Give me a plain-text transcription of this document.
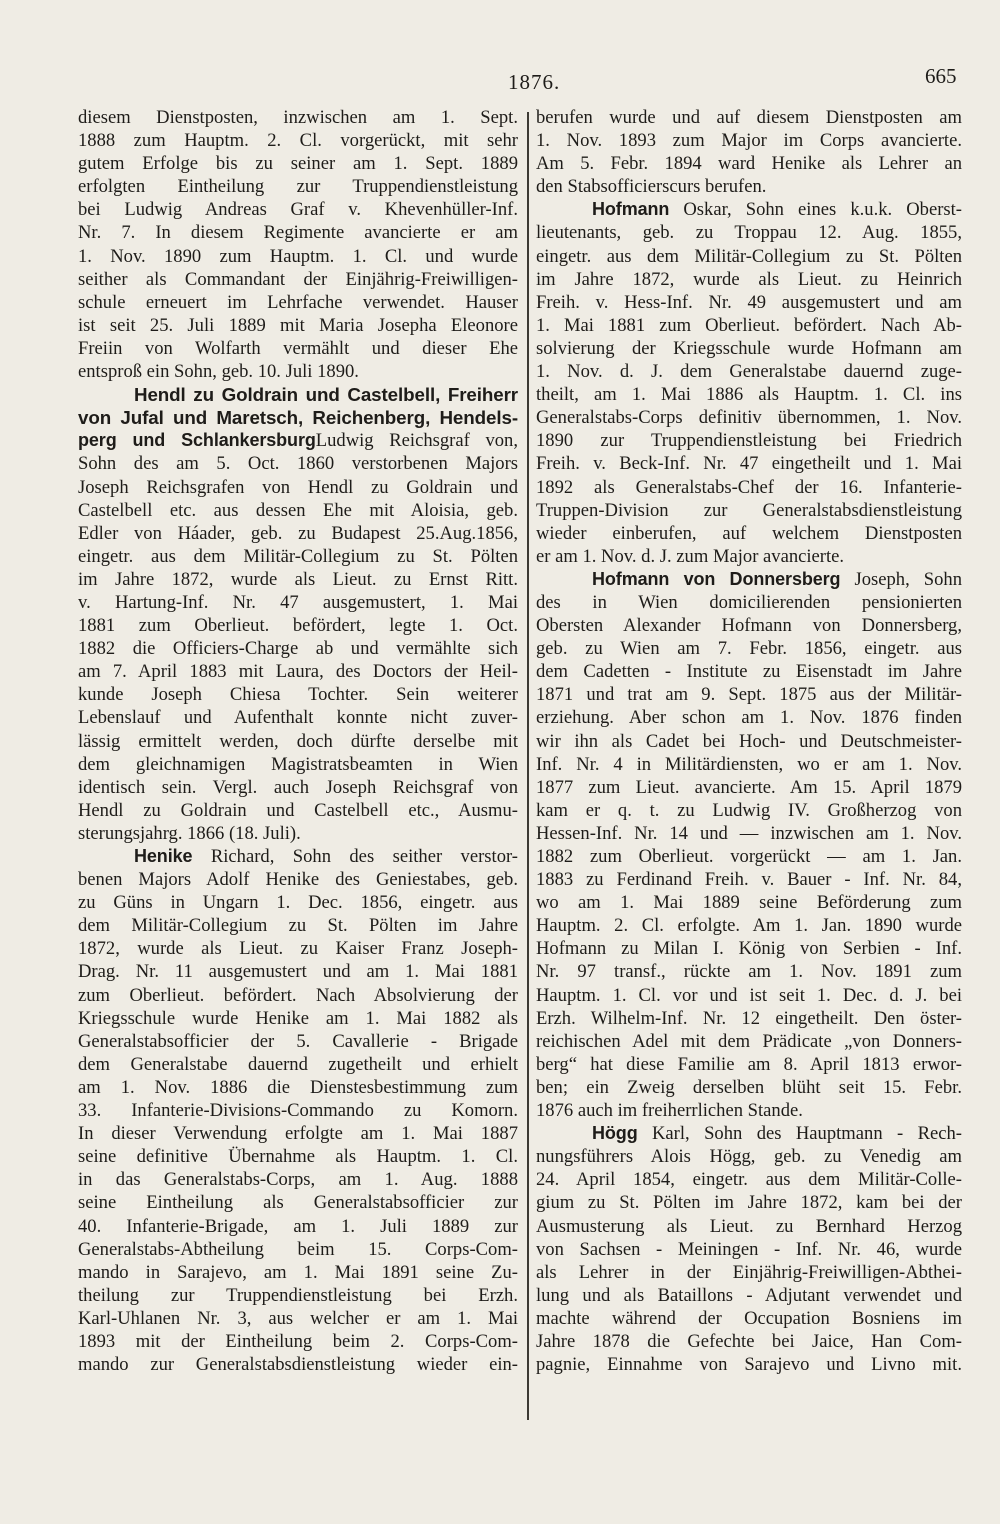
1876.	665
diesem Dienstposten, inzwischen am 1. Sept.
1888 zum Hauptm. 2. Cl. vorgerückt, mit sehr
gutem Erfolge bis zu seiner am 1. Sept. 1889
erfolgten Eintheilung zur Truppendienstleistung
bei Ludwig Andreas Graf v. Khevenhüller-Inf.
Nr. 7. In diesem Regimente avancierte er am
1. Nov. 1890 zum Hauptm. 1. Cl. und wurde
seither als Commandant der Einjährig-Freiwilligen-
schule erneuert im Lehrfache verwendet. Hauser
ist seit 25. Juli 1889 mit Maria Josepha Eleonore
Freiin von Wolfarth vermählt und dieser Ehe
entsproß ein Sohn, geb. 10. Juli 1890.
Hendl zu Goldrain und Castelbell, Freiherr
von Jufal und Maretsch, Reichenberg, Hendels-
perg und SchlankersburgLudwig Reichsgraf von,
Sohn des am 5. Oct. 1860 verstorbenen Majors
Joseph Reichsgrafen von Hendl zu Goldrain und
Castelbell etc. aus dessen Ehe mit Aloisia, geb.
Edler von Háader, geb. zu Budapest 25.Aug.1856,
eingetr. aus dem Militär-Collegium zu St. Pölten
im Jahre 1872, wurde als Lieut. zu Ernst Ritt.
v. Hartung-Inf. Nr. 47 ausgemustert, 1. Mai
1881 zum Oberlieut. befördert, legte 1. Oct.
1882 die Officiers-Charge ab und vermählte sich
am 7. April 1883 mit Laura, des Doctors der Heil-
kunde Joseph Chiesa Tochter. Sein weiterer
Lebenslauf und Aufenthalt konnte nicht zuver-
lässig ermittelt werden, doch dürfte derselbe mit
dem gleichnamigen Magistratsbeamten in Wien
identisch sein. Vergl. auch Joseph Reichsgraf von
Hendl zu Goldrain und Castelbell etc., Ausmu-
sterungsjahrg. 1866 (18. Juli).
Henike Richard, Sohn des seither verstor-
benen Majors Adolf Henike des Geniestabes, geb.
zu Güns in Ungarn 1. Dec. 1856, eingetr. aus
dem Militär-Collegium zu St. Pölten im Jahre
1872, wurde als Lieut. zu Kaiser Franz Joseph-
Drag. Nr. 11 ausgemustert und am 1. Mai 1881
zum Oberlieut. befördert. Nach Absolvierung der
Kriegsschule wurde Henike am 1. Mai 1882 als
Generalstabsofficier der 5. Cavallerie - Brigade
dem Generalstabe dauernd zugetheilt und erhielt
am 1. Nov. 1886 die Dienstesbestimmung zum
33. Infanterie-Divisions-Commando zu Komorn.
In dieser Verwendung erfolgte am 1. Mai 1887
seine definitive Übernahme als Hauptm. 1. Cl.
in das Generalstabs-Corps, am 1. Aug. 1888
seine Eintheilung als Generalstabsofficier zur
40. Infanterie-Brigade, am 1. Juli 1889 zur
Generalstabs-Abtheilung beim 15. Corps-Com-
mando in Sarajevo, am 1. Mai 1891 seine Zu-
theilung zur Truppendienstleistung bei Erzh.
Karl-Uhlanen Nr. 3, aus welcher er am 1. Mai
1893 mit der Eintheilung beim 2. Corps-Com-
mando zur Generalstabsdienstleistung wieder ein-
berufen wurde und auf diesem Dienstposten am
1. Nov. 1893 zum Major im Corps avancierte.
Am 5. Febr. 1894 ward Henike als Lehrer an
den Stabsofficierscurs berufen.
Hofmann Oskar, Sohn eines k.u.k. Oberst-
lieutenants, geb. zu Troppau 12. Aug. 1855,
eingetr. aus dem Militär-Collegium zu St. Pölten
im Jahre 1872, wurde als Lieut. zu Heinrich
Freih. v. Hess-Inf. Nr. 49 ausgemustert und am
1. Mai 1881 zum Oberlieut. befördert. Nach Ab-
solvierung der Kriegsschule wurde Hofmann am
1. Nov. d. J. dem Generalstabe dauernd zuge-
theilt, am 1. Mai 1886 als Hauptm. 1. Cl. ins
Generalstabs-Corps definitiv übernommen, 1. Nov.
1890 zur Truppendienstleistung bei Friedrich
Freih. v. Beck-Inf. Nr. 47 eingetheilt und 1. Mai
1892 als Generalstabs-Chef der 16. Infanterie-
Truppen-Division zur Generalstabsdienstleistung
wieder einberufen, auf welchem Dienstposten
er am 1. Nov. d. J. zum Major avancierte.
Hofmann von Donnersberg Joseph, Sohn
des in Wien domicilierenden pensionierten
Obersten Alexander Hofmann von Donnersberg,
geb. zu Wien am 7. Febr. 1856, eingetr. aus
dem Cadetten - Institute zu Eisenstadt im Jahre
1871 und trat am 9. Sept. 1875 aus der Militär-
erziehung. Aber schon am 1. Nov. 1876 finden
wir ihn als Cadet bei Hoch- und Deutschmeister-
Inf. Nr. 4 in Militärdiensten, wo er am 1. Nov.
1877 zum Lieut. avancierte. Am 15. April 1879
kam er q. t. zu Ludwig IV. Großherzog von
Hessen-Inf. Nr. 14 und — inzwischen am 1. Nov.
1882 zum Oberlieut. vorgerückt — am 1. Jan.
1883 zu Ferdinand Freih. v. Bauer - Inf. Nr. 84,
wo am 1. Mai 1889 seine Beförderung zum
Hauptm. 2. Cl. erfolgte. Am 1. Jan. 1890 wurde
Hofmann zu Milan I. König von Serbien - Inf.
Nr. 97 transf., rückte am 1. Nov. 1891 zum
Hauptm. 1. Cl. vor und ist seit 1. Dec. d. J. bei
Erzh. Wilhelm-Inf. Nr. 12 eingetheilt. Den öster-
reichischen Adel mit dem Prädicate „von Donners-
berg“ hat diese Familie am 8. April 1813 erwor-
ben; ein Zweig derselben blüht seit 15. Febr.
1876 auch im freiherrlichen Stande.
Högg Karl, Sohn des Hauptmann - Rech-
nungsführers Alois Högg, geb. zu Venedig am
24. April 1854, eingetr. aus dem Militär-Colle-
gium zu St. Pölten im Jahre 1872, kam bei der
Ausmusterung als Lieut. zu Bernhard Herzog
von Sachsen - Meiningen - Inf. Nr. 46, wurde
als Lehrer in der Einjährig-Freiwilligen-Abthei-
lung und als Bataillons - Adjutant verwendet und
machte während der Occupation Bosniens im
Jahre 1878 die Gefechte bei Jaice, Han Com-
pagnie, Einnahme von Sarajevo und Livno mit.
